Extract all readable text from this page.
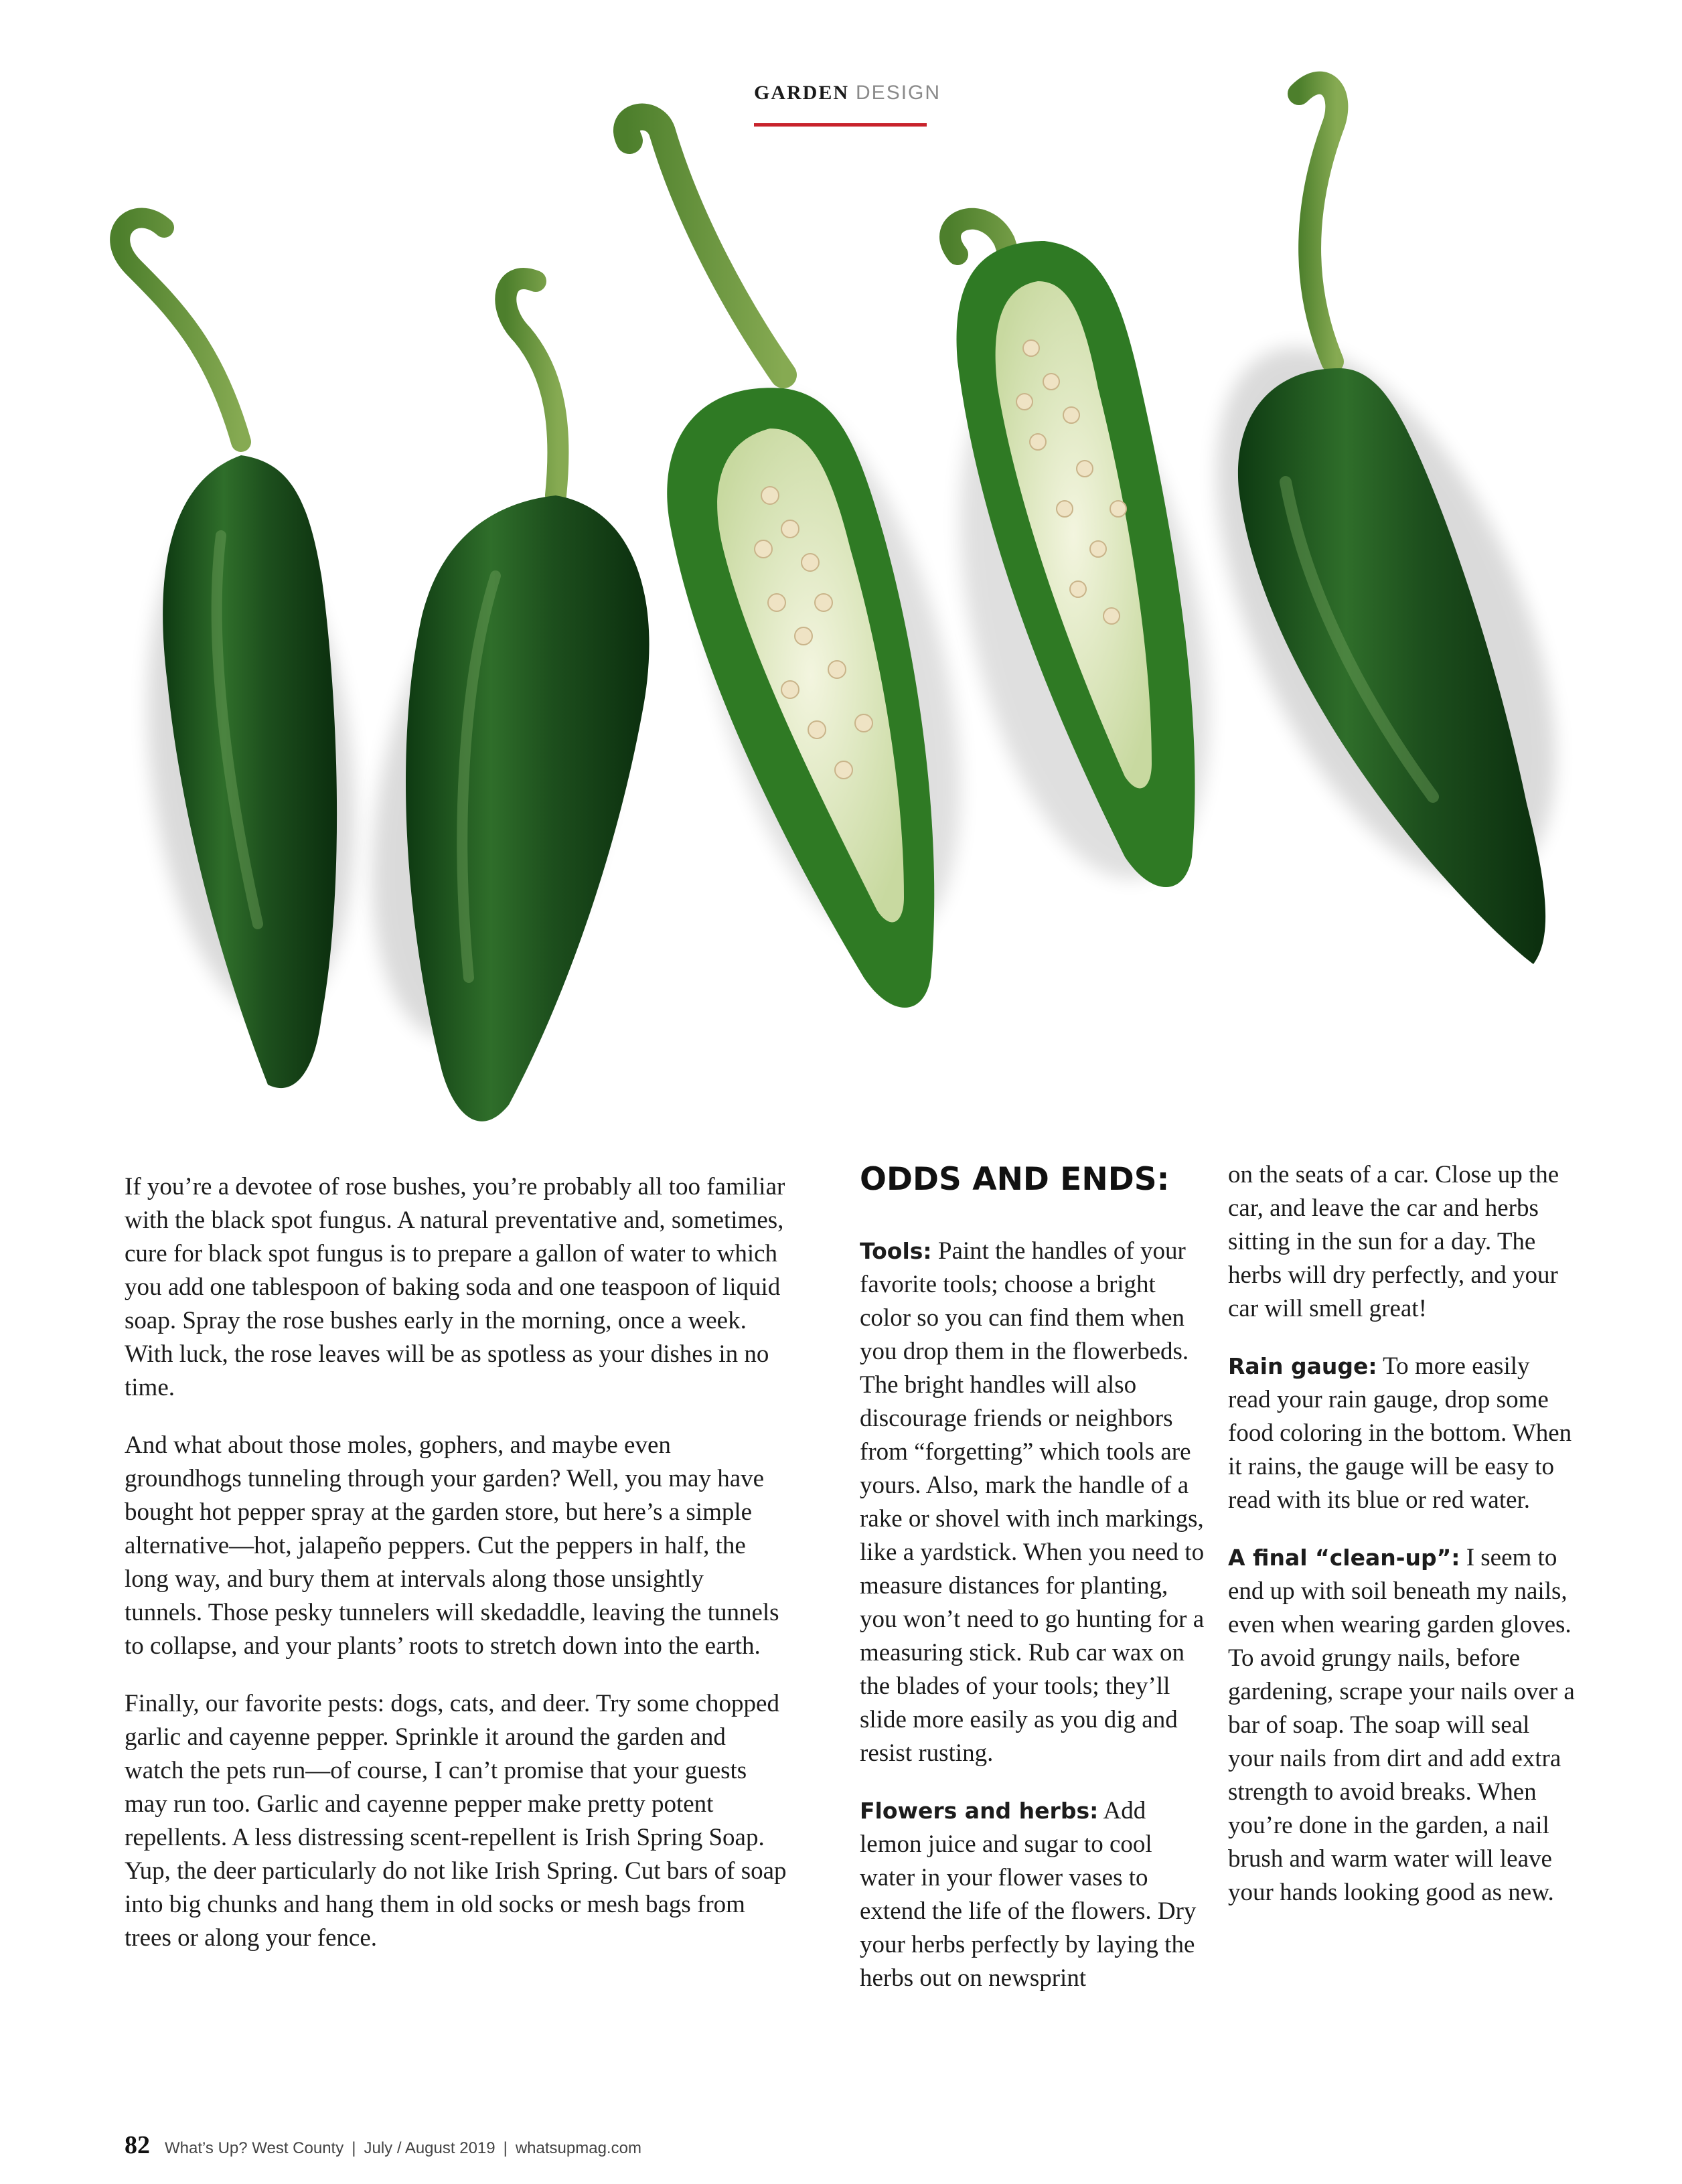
GARDEN DESIGN

If you’re a devotee of rose bushes, you’re probably all too familiar with the black spot fungus. A natural preventative and, sometimes, cure for black spot fungus is to prepare a gallon of water to which you add one tablespoon of baking soda and one teaspoon of liquid soap. Spray the rose bushes early in the morning, once a week. With luck, the rose leaves will be as spotless as your dishes in no time.

And what about those moles, gophers, and maybe even groundhogs tunneling through your garden? Well, you may have bought hot pepper spray at the garden store, but here’s a simple alternative—hot, jalapeño peppers. Cut the peppers in half, the long way, and bury them at intervals along those unsightly tunnels. Those pesky tunnelers will skedaddle, leaving the tunnels to collapse, and your plants’ roots to stretch down into the earth.

Finally, our favorite pests: dogs, cats, and deer. Try some chopped garlic and cayenne pepper. Sprinkle it around the garden and watch the pets run—of course, I can’t promise that your guests may run too. Garlic and cayenne pepper make pretty potent repellents. A less distressing scent-repellent is Irish Spring Soap. Yup, the deer particularly do not like Irish Spring. Cut bars of soap into big chunks and hang them in old socks or mesh bags from trees or along your fence.

ODDS AND ENDS:

Tools: Paint the handles of your favorite tools; choose a bright color so you can find them when you drop them in the flowerbeds. The bright handles will also discourage friends or neighbors from “forgetting” which tools are yours. Also, mark the handle of a rake or shovel with inch markings, like a yardstick. When you need to measure distances for planting, you won’t need to go hunting for a measuring stick. Rub car wax on the blades of your tools; they’ll slide more easily as you dig and resist rusting.

Flowers and herbs: Add lemon juice and sugar to cool water in your flower vases to extend the life of the flowers. Dry your herbs perfectly by laying the herbs out on newsprint

on the seats of a car. Close up the car, and leave the car and herbs sitting in the sun for a day. The herbs will dry perfectly, and your car will smell great!

Rain gauge: To more easily read your rain gauge, drop some food coloring in the bottom. When it rains, the gauge will be easy to read with its blue or red water.

A final “clean-up”: I seem to end up with soil beneath my nails, even when wearing garden gloves. To avoid grungy nails, before gardening, scrape your nails over a bar of soap. The soap will seal your nails from dirt and add extra strength to avoid breaks. When you’re done in the garden, a nail brush and warm water will leave your hands looking good as new.

82 What’s Up? West County | July / August 2019 | whatsupmag.com
